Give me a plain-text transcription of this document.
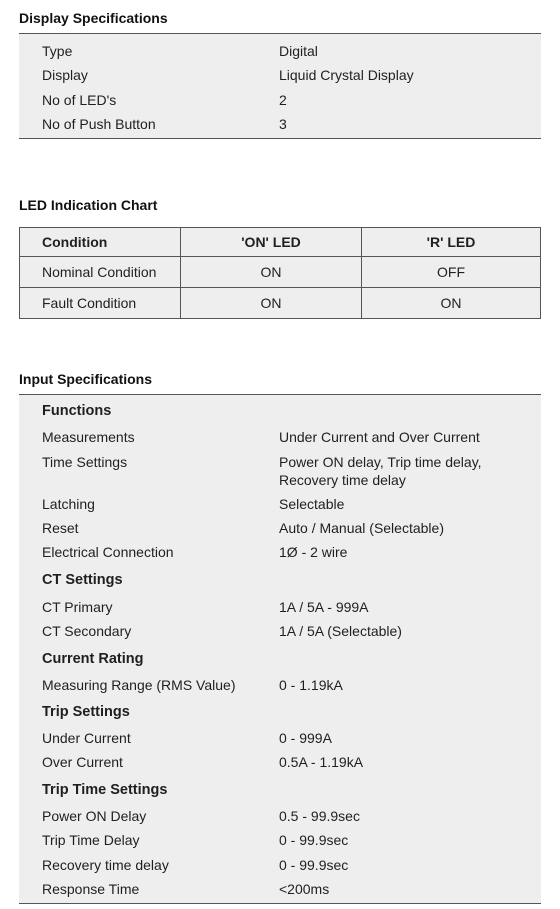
Display Specifications
Type	Digital
Display	Liquid Crystal Display
No of LED's	2
No of Push Button	3
LED Indication Chart
Condition	'ON' LED	'R' LED
Nominal Condition	ON	OFF
Fault Condition	ON	ON
Input Specifications
Functions
Measurements	Under Current and Over Current
Time Settings	Power ON delay, Trip time delay,
Recovery time delay
Latching	Selectable
Reset	Auto / Manual (Selectable)
Electrical Connection	1Ø - 2 wire
CT Settings
CT Primary	1A / 5A - 999A
CT Secondary	1A / 5A (Selectable)
Current Rating
Measuring Range (RMS Value)	0 - 1.19kA
Trip Settings
Under Current	0 - 999A
Over Current	0.5A - 1.19kA
Trip Time Settings
Power ON Delay	0.5 - 99.9sec
Trip Time Delay	0 - 99.9sec
Recovery time delay	0 - 99.9sec
Response Time	<200ms
